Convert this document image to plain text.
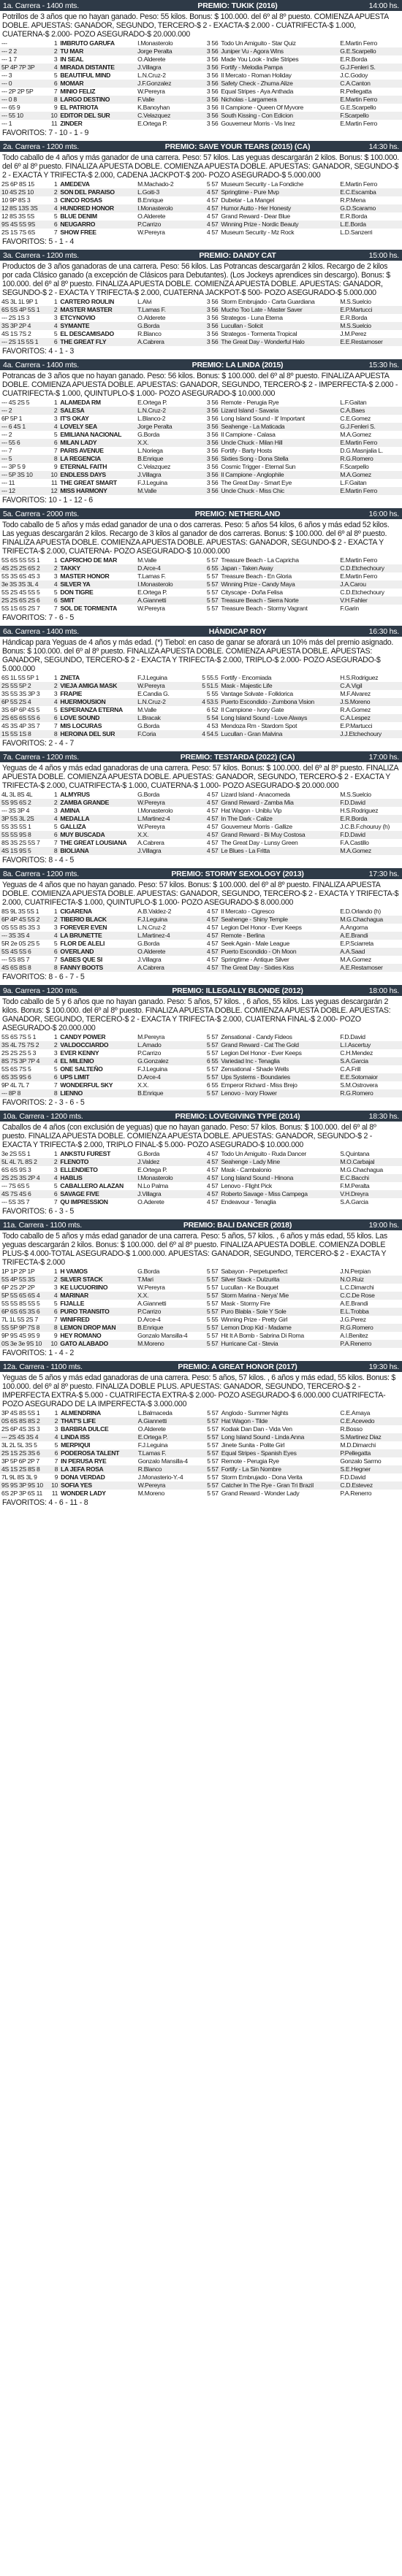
1a. Carrera - 1400 mts.	PREMIO: TUKIK (2016)	14:00 hs.
Potrillos de 3 años que no hayan ganado. Peso: 55 kilos. Bonus: $ 100.000. del 6º al 8º puesto. COMIENZA APUESTA DOBLE. APUESTAS: GANADOR, SEGUNDO, TERCERO-$ 2 - EXACTA-$ 2.000 - CUATRIFECTA-$ 1.000, CUATERNA-$ 2.000- POZO ASEGURADO-$ 20.000.000
---	1	IMBRUTO GARUFA	I.Monasterolo	3 56	Todo Un Amiguito - Star Quiz	E.Martin Ferro
--- 2 2	2	TU MAR	Jorge Peralta	3 56	Juniper Vu - Agora Wins	G.E.Scarpello
--- 1 7	3	IN SEAL	O.Alderete	3 56	Made You Look - Indie Stripes	E.R.Borda
5P 4P 7P 3P	4	MIRADA DISTANTE	J.Villagra	3 56	Fortify - Melodia Pampa	G.J.Fenleri S.
--- 3	5	BEAUTIFUL MIND	L.N.Cruz-2	3 56	Il Mercato - Roman Holiday	J.C.Godoy
--- 0	6	MOMAR	J.F.Gonzalez	3 56	Safety Check - Zhuma Alize	C.A.Canton
--- 2P 2P 5P	7	MINIO FELIZ	W.Pereyra	3 56	Equal Stripes - Aya Anthada	R.Pellegatta
--- 0 8	8	LARGO DESTINO	F.Valle	3 56	Nicholas - Largamera	E.Martin Ferro
--- 65 9	9	EL PATRIOTA	K.Banoyhan	3 56	Il Campione - Queen Of Myvore	G.E.Scarpello
--- 55 10	10	EDITOR DEL SUR	C.Velazquez	3 56	South Kissing - Con Edicion	F.Scarpello
--- 1	11	ZINDER	E.Ortega P.	3 56	Gouverneur Morris - Vis Inez	E.Martin Ferro
FAVORITOS: 7 - 10 - 1 - 9
2a. Carrera - 1200 mts.	PREMIO: SAVE YOUR TEARS (2015) (CA)	14:30 hs.
Todo caballo de 4 años y más ganador de una carrera. Peso: 57 kilos. Las yeguas descargarán 2 kilos. Bonus: $ 100.000. del 6º al 8º puesto. FINALIZA APUESTA DOBLE. COMIENZA APUESTA DOBLE. APUESTAS: GANADOR, SEGUNDO-$ 2 - EXACTA Y TRIFECTA-$ 2.000, CADENA JACKPOT-$ 200- POZO ASEGURADO-$ 5.000.000
2S 6P 8S 15	1	AMEDEVA	M.Machado-2	5 57	Museum Security - La Fondiche	E.Martin Ferro
10 4S 2S 10	2	SON DEL PARAISO	L.Goiti-3	4 57	Springtime - Pure Mvp	E.C.Escamba
10 9P 8S 3	3	CINCO ROSAS	B.Enrique	4 57	Dubetar - La Mangel	R.P.Mena
12 8S 13S 3S	4	HUNDRED HONOR	I.Monasterolo	4 57	Humor Autto - Her Honesty	G.D.Scaramo
12 8S 3S 5S	5	BLUE DENIM	O.Alderete	4 57	Grand Reward - Dear Blue	E.R.Borda
9S 4S 5S 9S	6	NEUGARRO	P.Carrizo	4 57	Winning Prize - Nordic Beauty	L.E.Borda
2S 1S 7S 6S	7	SHOW FREE	W.Pereyra	4 57	Museum Security - Mz Rock	L.D.Sanzerri
FAVORITOS: 5 - 1 - 4
3a. Carrera - 1200 mts.	PREMIO: DANDY CAT	15:00 hs.
Productos de 3 años ganadoras de una carrera. Peso: 56 kilos. Las Potrancas descargarán 2 kilos. Recargo de 2 kilos por cada Clásico ganado (a excepción de Clásicos para Debutantes). (Los Jockeys aprendices sin descargo). Bonus: $ 100.000. del 6º al 8º puesto. FINALIZA APUESTA DOBLE. COMIENZA APUESTA DOBLE. APUESTAS: GANADOR, SEGUNDO-$ 2 - EXACTA Y TRIFECTA-$ 2.000, CUATERNA JACKPOT-$ 500- POZO ASEGURADO-$ 5.000.000
4S 3L 1L 9P 1	1	CARTERO ROULIN	L.Alvi	3 56	Storm Embrujado - Carta Guardiana	M.S.Suelcio
6S 5S 4P 5S 1	2	MASTER MASTER	T.Lamas F.	3 56	Mucho Too Late - Master Saver	E.P.Martucci
--- 2S 1S 3	3	ETCYNOVIO	O.Alderete	3 56	Strategos - Luna Eterna	E.R.Borda
3S 3P 2P 4	4	SYMANTE	G.Borda	3 56	Lucullan - Solicit	M.S.Suelcio
4S 1S 7S 2	5	EL DESCAMISADO	R.Blanco	3 56	Strategos - Tormenta Tropical	J.M.Perez
--- 2S 1S 5S 1	6	THE GREAT FLY	A.Cabrera	3 56	The Great Day - Wonderful Halo	E.E.Restamoser
FAVORITOS: 4 - 1 - 3
4a. Carrera - 1400 mts.	PREMIO: LA LINDA (2015)	15:30 hs.
Potrancas de 3 años que no hayan ganado. Peso: 56 kilos. Bonus: $ 100.000. del 6º al 8º puesto. FINALIZA APUESTA DOBLE. COMIENZA APUESTA DOBLE. APUESTAS: GANADOR, SEGUNDO, TERCERO-$ 2 - IMPERFECTA-$ 2.000 - CUATRIFECTA-$ 1.000, QUINTUPLO-$ 1.000- POZO ASEGURADO-$ 10.000.000
--- 4S 2S 5	1	ALAMEDA RM	E.Ortega P.	3 56	Remote - Perugia Rye	L.F.Gaitan
--- 2	2	SALESA	L.N.Cruz-2	3 56	Lizard Island - Savaria	C.A.Baes
6P 5P 1	3	IT'S OKAY	L.Blanco-2	3 56	Long Island Sound - It' Important	C.E.Gomez
--- 6 4S 1	4	LOVELY SEA	Jorge Peralta	3 56	Seahenge - La Maticada	G.J.Fenleri S.
--- 2	5	EMILIANA NACIONAL	G.Borda	3 56	Il Campione - Calasa	M.A.Gomez
--- 55 6	6	MILAN LADY	X.X.	3 56	Uncle Chuck - Milan Hill	E.Martin Ferro
--- 7	7	PARIS AVENUE	L.Noriega	3 56	Fortify - Barty Hosts	D.G.Masnjalia L.
--- 5	8	LA REGENCIA	B.Enrique	3 56	Sixties Song - Dona Stella	R.G.Romero
--- 3P 5 9	9	ETERNAL FAITH	C.Velazquez	3 56	Cosmic Trigger - Eternal Sun	F.Scarpello
--- 5P 3S 10	10	ENDLESS DAYS	J.Villagra	3 56	Il Campione - Anglophile	M.A.Gomez
--- 11	11	THE GREAT SMART	F.J.Leguina	3 56	The Great Day - Smart Eye	L.F.Gaitan
--- 12	12	MISS HARMONY	M.Valle	3 56	Uncle Chuck - Miss Chic	E.Martin Ferro
FAVORITOS: 10 - 1 - 12 - 6
5a. Carrera - 2000 mts.	PREMIO: NETHERLAND	16:00 hs.
Todo caballo de 5 años y más edad ganador de una o dos carreras. Peso: 5 años 54 kilos, 6 años y más edad 52 kilos. Las yeguas descargarán 2 kilos. Recargo de 3 kilos al ganador de dos carreras. Bonus: $ 100.000. del 6º al 8º puesto. FINALIZA APUESTA DOBLE. COMIENZA APUESTA DOBLE. APUESTAS: GANADOR, SEGUNDO-$ 2 - EXACTA Y TRIFECTA-$ 2.000, CUATERNA- POZO ASEGURADO-$ 10.000.000
5S 6S 5S 5S 1	1	CAPRICHO DE MAR	M.Valle	5 57	Treasure Beach - La Capricha	E.Martin Ferro
4S 2S 2S 6S 2	2	TAKKY	D.Arce-4	6 55	Japan - Taken Away	C.D.Etchechoury
5S 3S 6S 4S 3	3	MASTER HONOR	T.Lamas F.	5 57	Treasure Beach - En Gloria	E.Martin Ferro
3e 3S 3S 3L 4	4	SILVER YA	I.Monasterolo	5 57	Winning Prize - Candy Maya	J.A.Carou
5S 2S 4S 5S 5	5	DON TIGRE	E.Ortega P.	5 57	Cityscape - Doña Felisa	C.D.Etchechoury
2S 2S 6S 2S 6	6	SMIT	A.Giannetti	5 57	Treasure Beach - Sierra Norte	V.H.Fahler
5S 1S 6S 2S 7	7	SOL DE TORMENTA	W.Pereyra	5 57	Treasure Beach - Stormy Vagrant	F.Garin
FAVORITOS: 7 - 6 - 5
6a. Carrera - 1400 mts.	HÁNDICAP ROY	16:30 hs.
Hándicap para Yeguas de 4 años y más edad. (*) Tiebol: en caso de ganar se aforará un 10% más del premio asignado. Bonus: $ 100.000. del 6º al 8º puesto. FINALIZA APUESTA DOBLE. COMIENZA APUESTA DOBLE. APUESTAS: GANADOR, SEGUNDO, TERCERO-$ 2 - EXACTA Y TRIFECTA-$ 2.000, TRIPLO-$ 2.000- POZO ASEGURADO-$ 5.000.000
6S 1L 5S 5P 1	1	ZNETA	F.J.Leguina	5 55.5	Fortify - Encomiada	H.S.Rodriguez
2S 5S 5P 2	2	VIEJA AMIGA MASK	W.Pereyra	5 51.5	Mask - Majestic Life	C.A.Vigil
3S 5S 3S 3P 3	3	FRAPIE	E.Candia G.	5 55	Vantage Solvate - Folklorica	M.F.Alvarez
6P 5S 2S 4	4	HUERMOUSION	L.N.Cruz-2	4 53.5	Puerto Escondido - Zumbona Vision	J.S.Moreno
3S 6P 6P 4S 5	5	ESPERANZA ETERNA	M.Valle	6 52	Il Campione - Ivory Gate	R.A.Gomez
2S 6S 6S 5S 6	6	LOVE SOUND	L.Bracak	5 54	Long Island Sound - Love Always	C.A.Lespez
4S 3S 4P 3S 7	7	MIS LOCURAS	G.Borda	4 53	Mendoza Rm - Stardom Spot	E.P.Martucci
1S 5S 1S 8	8	HEROINA DEL SUR	F.Coria	4 54.5	Lucullan - Gran Malvina	J.J.Etchechoury
FAVORITOS: 2 - 4 - 7
7a. Carrera - 1200 mts.	PREMIO: TESTARDA (2022) (CA)	17:00 hs.
Yeguas de 4 años y más edad ganadoras de una carrera. Peso: 57 kilos. Bonus: $ 100.000. del 6º al 8º puesto. FINALIZA APUESTA DOBLE. COMIENZA APUESTA DOBLE. APUESTAS: GANADOR, SEGUNDO, TERCERO-$ 2 - EXACTA Y TRIFECTA-$ 2.000, CUATRIFECTA-$ 1.000, CUATERNA-$ 1.000- POZO ASEGURADO-$ 20.000.000
4L 3L 8S 4L	1	ALMYRUS	G.Borda	4 57	Lizard Island - Anacomeda	M.S.Suelcio
5S 9S 6S 2	2	ZAMBA GRANDE	W.Pereyra	4 57	Grand Reward - Zamba Mia	F.D.David
--- 3S 3P 4	3	AMINA	I.Monasterolo	4 57	Hat Wagon - Uniblu Vip	H.S.Rodriguez
3P 5S 3L 2S	4	MEDALLA	L.Martinez-4	4 57	In The Dark - Calize	E.R.Borda
5S 3S 5S 1	5	GALLIZA	W.Pereyra	4 57	Gouverneur Morris - Gallize	J.C.B.F.chouruy (h)
5S 5S 9S 8	6	MUY BUSCADA	X.X.	4 57	Grand Reward - Bi Muy Costosa	F.D.David
8S 3S 2S 5S 7	7	THE GREAT LOUSIANA	A.Cabrera	4 57	The Great Day - Lunsy Green	F.A.Castillo
4S 1S 9S 5	8	BIOLIANA	J.Villagra	4 57	Le Blues - La Fritta	M.A.Gomez
FAVORITOS: 8 - 4 - 5
8a. Carrera - 1200 mts.	PREMIO: STORMY SEXOLOGY (2013)	17:30 hs.
Yeguas de 4 años que no hayan ganado. Peso: 57 kilos. Bonus: $ 100.000. del 6º al 8º puesto. FINALIZA APUESTA DOBLE. COMIENZA APUESTA DOBLE. APUESTAS: GANADOR, SEGUNDO, TERCERO-$ 2 - EXACTA Y TRIFECTA-$ 2.000, CUATRIFECTA-$ 1.000, QUINTUPLO-$ 1.000- POZO ASEGURADO-$ 8.000.000
8S 9L 3S 5S 1	1	CIGARENA	A.B.Valdez-2	4 57	Il Mercato - Cigresco	E.D.Orlando (h)
6P 4P 4S 5S 2	2	TIBERIO BLACK	F.J.Leguina	4 57	Seahenge - Shiny Temple	M.G.Chachagua
0S 5S 8S 3S 3	3	FOREVER EVEN	L.N.Cruz-2	4 57	Legion Del Honor - Ever Keeps	A.Angorna
--- 3S 3S 4	4	LA BRUNETTE	L.Martinez-4	4 57	Remote - Berlina	A.E.Brandi
5R 2e 0S 2S 5	5	FLOR DE ALELI	G.Borda	4 57	Seek Again - Male League	E.P.Sciarreta
5S 4S 5S 6	6	OVERLAND	O.Alderete	4 57	Puerto Escondido - Oh Moon	A.A.Saad
--- 5S 8S 7	7	SABES QUE SI	J.Villagra	4 57	Springtime - Antique Silver	M.A.Gomez
4S 6S 8S 8	8	FANNY BOOTS	A.Cabrera	4 57	The Great Day - Sixties Kiss	A.E.Restamoser
FAVORITOS: 8 - 6 - 7 - 5
9a. Carrera - 1200 mts.	PREMIO: ILLEGALLY BLONDE (2012)	18:00 hs.
Todo caballo de 5 y 6 años que no hayan ganado. Peso: 5 años, 57 kilos. , 6 años, 55 kilos. Las yeguas descargarán 2 kilos. Bonus: $ 100.000. del 6º al 8º puesto. FINALIZA APUESTA DOBLE. COMIENZA APUESTA DOBLE. APUESTAS: GANADOR, SEGUNDO, TERCERO-$ 2 - EXACTA Y TRIFECTA-$ 2.000, CUATERNA FINAL-$ 2.000- POZO ASEGURADO-$ 20.000.000
5S 6S 7S 5 1	1	CANDY POWER	M.Pereyra	5 57	Zensational - Candy Fideos	F.D.David
3S 4L 7S 7S 2	2	VALDOCCIARDO	L.Amado	5 57	Grand Reward - Cat The Gold	L.I.Ascertuy
2S 2S 2S 5 3	3	EVER KENNY	P.Carrizo	5 57	Legion Del Honor - Ever Keeps	C.H.Mendez
8S 7S 3P 7P 4	4	EL MILENIO	G.Gonzalez	6 55	Variedad Inc - Tenaglia	S.A.Garcia
5S 6S 7S 5	5	ONE SALTEÑO	F.J.Leguina	5 57	Zensational - Shade Wells	C.A.Frill
6S 3S 9S 6	6	UPS LIMIT	D.Arce-4	5 57	Ups Systems - Boundaries	E.E.Sotomaior
9P 4L 7L 7	7	WONDERFUL SKY	X.X.	6 55	Emperor Richard - Miss Brejo	S.M.Ostrovera
--- 8P 8	8	LIENNO	B.Enrique	5 57	Lenovo - Ivory Flower	R.G.Romero
FAVORITOS: 2 - 3 - 6 - 5
10a. Carrera - 1200 mts.	PREMIO: LOVEGIVING TYPE (2014)	18:30 hs.
Caballos de 4 años (con exclusión de yeguas) que no hayan ganado. Peso: 57 kilos. Bonus: $ 100.000. del 6º al 8º puesto. FINALIZA APUESTA DOBLE. COMIENZA APUESTA DOBLE. APUESTAS: GANADOR, SEGUNDO-$ 2 - EXACTA Y TRIFECTA-$ 2.000, TRIPLO FINAL-$ 5.000- POZO ASEGURADO-$ 10.000.000
3e 2S 5S 1	1	ANKSTU FUREST	G.Borda	4 57	Todo Un Amiguito - Ruda Dancer	S.Quintana
5L 4L 7L 8S 2	2	FLENOTO	J.Valdez	4 57	Seahenge - Lady Mine	M.O.Carbajal
6S 6S 9S 3	3	ELLENDIETO	E.Ortega P.	4 57	Mask - Cambalonio	M.G.Chachagua
2S 2S 3S 2P 4	4	HABLIS	I.Monasterolo	4 57	Long Island Sound - Hinona	E.C.Bacchi
--- 7S 6S 5	5	CABALLERO ALAZAN	N.Lo Palma	4 57	Lenovo - Flight Pick	F.M.Peralta
4S 7S 4S 6	6	SAVAGE FIVE	J.Villagra	4 57	Roberto Savage - Miss Campega	V.H.Dreyra
--- 5S 3S 7	7	QU IMPRESSION	O.Aderete	4 57	Endeavour - Tenaglia	S.A.Garcia
FAVORITOS: 6 - 3 - 5
11a. Carrera - 1100 mts.	PREMIO: BALI DANCER (2018)	19:00 hs.
Todo caballo de 5 años y más edad ganador de una carrera. Peso: 5 años, 57 kilos. , 6 años y más edad, 55 kilos. Las yeguas descargarán 2 kilos. Bonus: $ 100.000. del 6º al 8º puesto. FINALIZA APUESTA DOBLE. COMIENZA DOBLE PLUS-$ 4.000-TOTAL ASEGURADO-$ 1.000.000. APUESTAS: GANADOR, SEGUNDO, TERCERO-$ 2 - EXACTA Y TRIFECTA-$ 2.000
1P 1P 2P 1P	1	H VAMOS	G.Borda	5 57	Sabayon - Perpetuperfect	J.N.Perpian
5S 4P 5S 3S	2	SILVER STACK	T.Mari	5 57	Silver Stack - Dulzurita	N.O.Ruiz
6P 2S 2P 2P	3	KE LUCUORIINO	W.Pereyra	5 57	Lucullan - Ke Bouquet	L.C.Dimarchi
5P 5S 6S 6S 4	4	MARINAR	X.X.	5 57	Storm Marina - Nerya' Mie	C.C.De Rose
5S 5S 8S 5S 5	5	FIJALLE	A.Giannetti	5 57	Mask - Stormy Fire	A.E.Brandi
6P 6S 6S 3S 6	6	PURO TRANSITO	P.Carrizo	5 57	Puro Blabla - Sole Y Sole	E.L.Trobba
7L 1L 5S 2S 7	7	WINIFRED	D.Arce-4	5 55	Winning Prize - Pretty Girl	J.G.Perez
5S 5P 9P 7S 8	8	LEMON DROP MAN	B.Enrique	5 57	Lemon Drop Kid - Madame	R.G.Romero
9P 9S 4S 9S 9	9	HEY ROMANO	Gonzalo Mansilla-4	5 57	Hit It A Bomb - Sabrina Di Roma	A.I.Benitez
0S 3e 3e 9S 10	10	GATO ALABADO	M.Moreno	5 57	Hurricane Cat - Stevia	P.A.Renerro
FAVORITOS: 1 - 4 - 2
12a. Carrera - 1100 mts.	PREMIO: A GREAT HONOR (2017)	19:30 hs.
Yeguas de 5 años y más edad ganadoras de una carrera. Peso: 5 años, 57 kilos. , 6 años y más edad, 55 kilos. Bonus: $ 100.000. del 6º al 8º puesto. FINALIZA DOBLE PLUS. APUESTAS: GANADOR, SEGUNDO, TERCERO-$ 2 - IMPERFECTA EXTRA-$ 5.000 - CUATRIFECTA EXTRA-$ 2.000- POZO ASEGURADO-$ 6.000.000 CUATRIFECTA- POZO ASEGURADO DE LA IMPERFECTA-$ 3.000.000
3P 4S 8S 5S 1	1	ALMENDRINA	L.Balmaceda	5 57	Anglodo - Summer Nights	C.E.Amaya
0S 6S 8S 8S 2	2	THAT'S LIFE	A.Giannetti	5 57	Hat Wagon - Tilde	C.E.Acevedo
2S 6P 4S 3S 3	3	BARBRA DULCE	O.Alderete	5 57	Kodiak Dan Dan - Vida Ven	R.Bosso
--- 2S 4S 3S 4	4	LINDA ISS	E.Ortega P.	5 57	Long Island Sound - Linda Anna	S.Martinez Diaz
3L 2L 5L 3S 5	5	MERPIQUI	F.J.Leguina	5 57	Jinete Sunita - Polite Girl	M.D.Dimarchi
2S 1S 2S 3S 6	6	PODEROSA TALENT	T.Lamas F.	5 57	Equal Stripes - Spanish Eyes	P.Pellegatta
3P 5P 6P 2P 7	7	IN PERUSA RYE	Gonzalo Mansilla-4	5 57	Remote - Perugia Rye	Gonzalo Sarrno
4S 1S 2S 8S 8	8	LA JEFA ROSA	R.Blanco	5 57	Fortify - La Sin Nombre	S.E.Hegner
7L 9L 8S 3L 9	9	DONA VERDAD	J.Monasterio-Y.-4	5 57	Storm Embrujado - Dona Verita	F.D.David
9S 9S 3P 9S 10	10	SOFIA YES	W.Pereyra	5 57	Catcher In The Rye - Gran Tri Brazil	C.D.Estevez
6S 2P 3P 6S 11	11	WONDER LADY	M.Moreno	5 57	Grand Reward - Wonder Lady	P.A.Renerro
FAVORITOS: 4 - 6 - 11 - 8
